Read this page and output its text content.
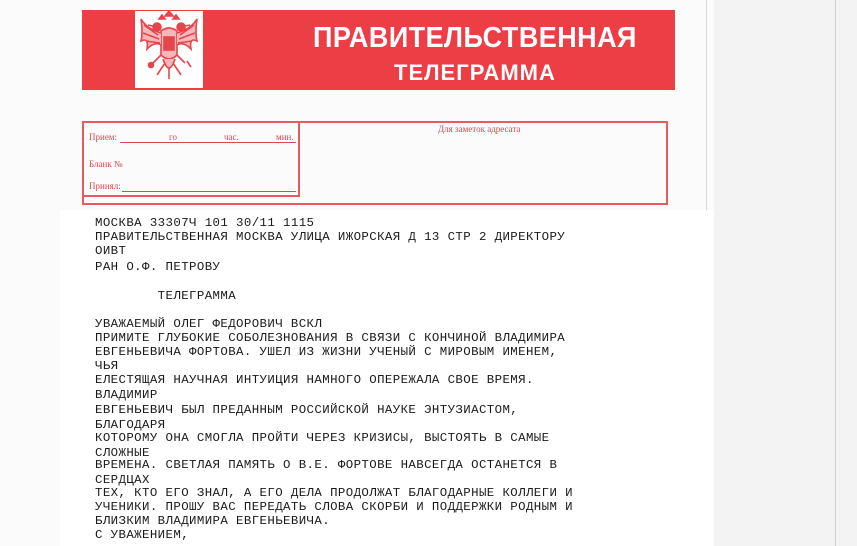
ПРАВИТЕЛЬСТВЕННАЯ
ТЕЛЕГРАММА
Прием:	го	час.	мин.
Бланк №
Принял:
Для заметок адресата
МОСКВА 33307Ч 101 30/11 1115
ПРАВИТЕЛЬСТВЕННАЯ МОСКВА УЛИЦА ИЖОРСКАЯ Д 13 СТР 2 ДИРЕКТОРУ
ОИВТ
РАН О.Ф. ПЕТРОВУ
ТЕЛЕГРАММА
УВАЖАЕМЫЙ ОЛЕГ ФЕДОРОВИЧ ВСКЛ
ПРИМИТЕ ГЛУБОКИЕ СОБОЛЕЗНОВАНИЯ В СВЯЗИ С КОНЧИНОЙ ВЛАДИМИРА
ЕВГЕНЬЕВИЧА ФОРТОВА. УШЕЛ ИЗ ЖИЗНИ УЧЕНЫЙ С МИРОВЫМ ИМЕНЕМ,
ЧЬЯ
ЕЛЕСТЯЩАЯ НАУЧНАЯ ИНТУИЦИЯ НАМНОГО ОПЕРЕЖАЛА СВОЕ ВРЕМЯ.
ВЛАДИМИР
ЕВГЕНЬЕВИЧ БЫЛ ПРЕДАННЫМ РОССИЙСКОЙ НАУКЕ ЭНТУЗИАСТОМ,
БЛАГОДАРЯ
КОТОРОМУ ОНА СМОГЛА ПРОЙТИ ЧЕРЕЗ КРИЗИСЫ, ВЫСТОЯТЬ В САМЫЕ
СЛОЖНЫЕ
ВРЕМЕНА. СВЕТЛАЯ ПАМЯТЬ О В.Е. ФОРТОВЕ НАВСЕГДА ОСТАНЕТСЯ В
СЕРДЦАХ
ТЕХ, КТО ЕГО ЗНАЛ, А ЕГО ДЕЛА ПРОДОЛЖАТ БЛАГОДАРНЫЕ КОЛЛЕГИ И
УЧЕНИКИ. ПРОШУ ВАС ПЕРЕДАТЬ СЛОВА СКОРБИ И ПОДДЕРЖКИ РОДНЫМ И
БЛИЗКИМ ВЛАДИМИРА ЕВГЕНЬЕВИЧА.
С УВАЖЕНИЕМ,
